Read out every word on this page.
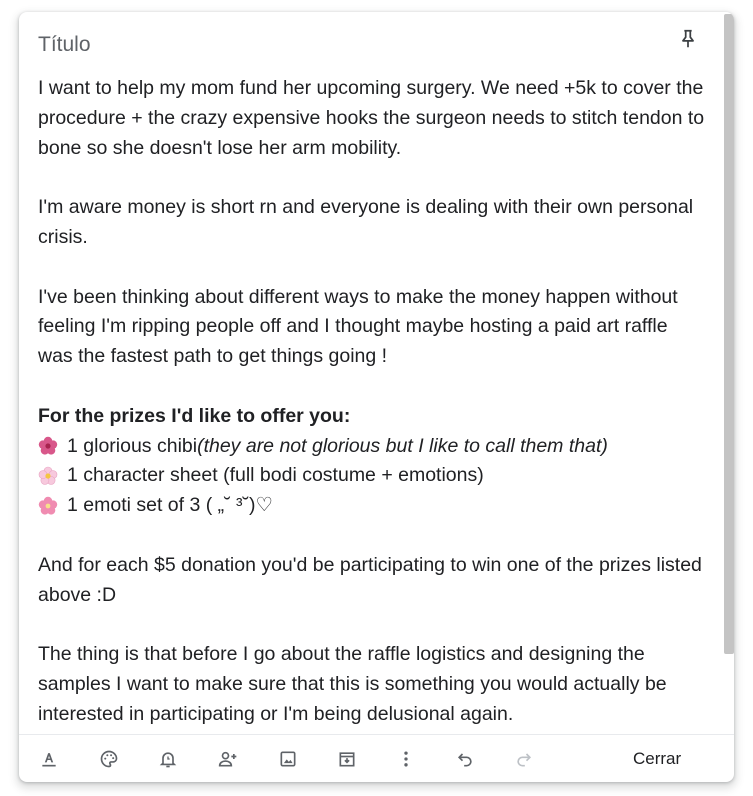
Título

I want to help my mom fund her upcoming surgery. We need +5k to cover the procedure + the crazy expensive hooks the surgeon needs to stitch tendon to bone so she doesn't lose her arm mobility.

I'm aware money is short rn and everyone is dealing with their own personal crisis.

I've been thinking about different ways to make the money happen without feeling I'm ripping people off and I thought maybe hosting a paid art raffle was the fastest path to get things going !

For the prizes I'd like to offer you:

1 glorious chibi (they are not glorious but I like to call them that)
1 character sheet (full bodi costume + emotions)
1 emoti set of 3 ( „˘ ³˘)♡

And for each $5 donation you'd be participating to win one of the prizes listed above :D

The thing is that before I go about the raffle logistics and designing the samples I want to make sure that this is something you would actually be interested in participating or I'm being delusional again.

Cerrar
